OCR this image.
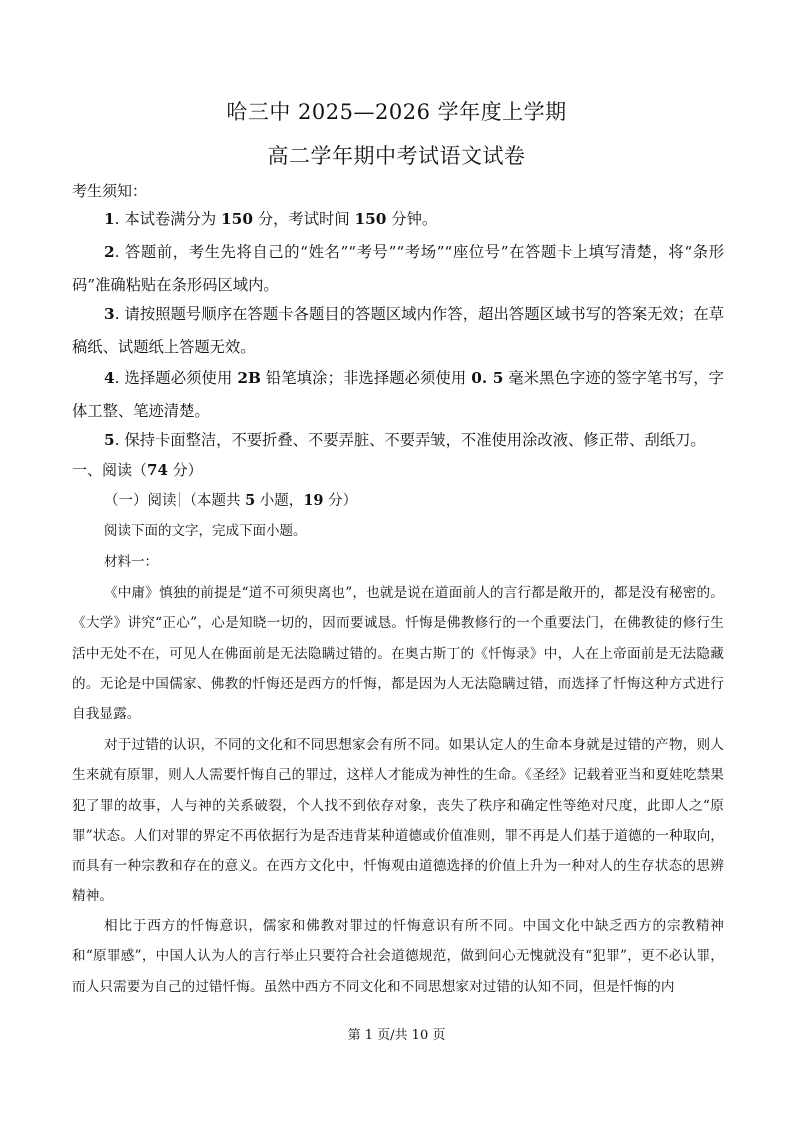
哈三中 2025—2026 学年度上学期
高二学年期中考试语文试卷
考生须知：
1. 本试卷满分为 150 分，考试时间 150 分钟。
2. 答题前，考生先将自己的“姓名”“考号”“考场”“座位号”在答题卡上填写清楚，将“条形码”准确粘贴在条形码区域内。
3. 请按照题号顺序在答题卡各题目的答题区域内作答，超出答题区域书写的答案无效；在草稿纸、试题纸上答题无效。
4. 选择题必须使用 2B 铅笔填涂；非选择题必须使用 0. 5 毫米黑色字迹的签字笔书写，字体工整、笔迹清楚。
5. 保持卡面整洁，不要折叠、不要弄脏、不要弄皱，不准使用涂改液、修正带、刮纸刀。
一、阅读（74 分）
（一）阅读 （本题共 5 小题，19 分）
阅读下面的文字，完成下面小题。
材料一：
《中庸》慎独的前提是“道不可须臾离也”，也就是说在道面前人的言行都是敞开的，都是没有秘密的。《大学》讲究“正心”，心是知晓一切的，因而要诚恳。忏悔是佛教修行的一个重要法门，在佛教徒的修行生活中无处不在，可见人在佛面前是无法隐瞒过错的。在奥古斯丁的《忏悔录》中，人在上帝面前是无法隐藏的。无论是中国儒家、佛教的忏悔还是西方的忏悔，都是因为人无法隐瞒过错，而选择了忏悔这种方式进行自我显露。
对于过错的认识，不同的文化和不同思想家会有所不同。如果认定人的生命本身就是过错的产物，则人生来就有原罪，则人人需要忏悔自己的罪过，这样人才能成为神性的生命。《圣经》记载着亚当和夏娃吃禁果犯了罪的故事，人与神的关系破裂，个人找不到依存对象，丧失了秩序和确定性等绝对尺度，此即人之“原罪”状态。人们对罪的界定不再依据行为是否违背某种道德或价值准则，罪不再是人们基于道德的一种取向，而具有一种宗教和存在的意义。在西方文化中，忏悔观由道德选择的价值上升为一种对人的生存状态的思辨精神。
相比于西方的忏悔意识，儒家和佛教对罪过的忏悔意识有所不同。中国文化中缺乏西方的宗教精神和“原罪感”，中国人认为人的言行举止只要符合社会道德规范，做到问心无愧就没有“犯罪”，更不必认罪，而人只需要为自己的过错忏悔。虽然中西方不同文化和不同思想家对过错的认知不同，但是忏悔的内
第 1 页/共 10 页
